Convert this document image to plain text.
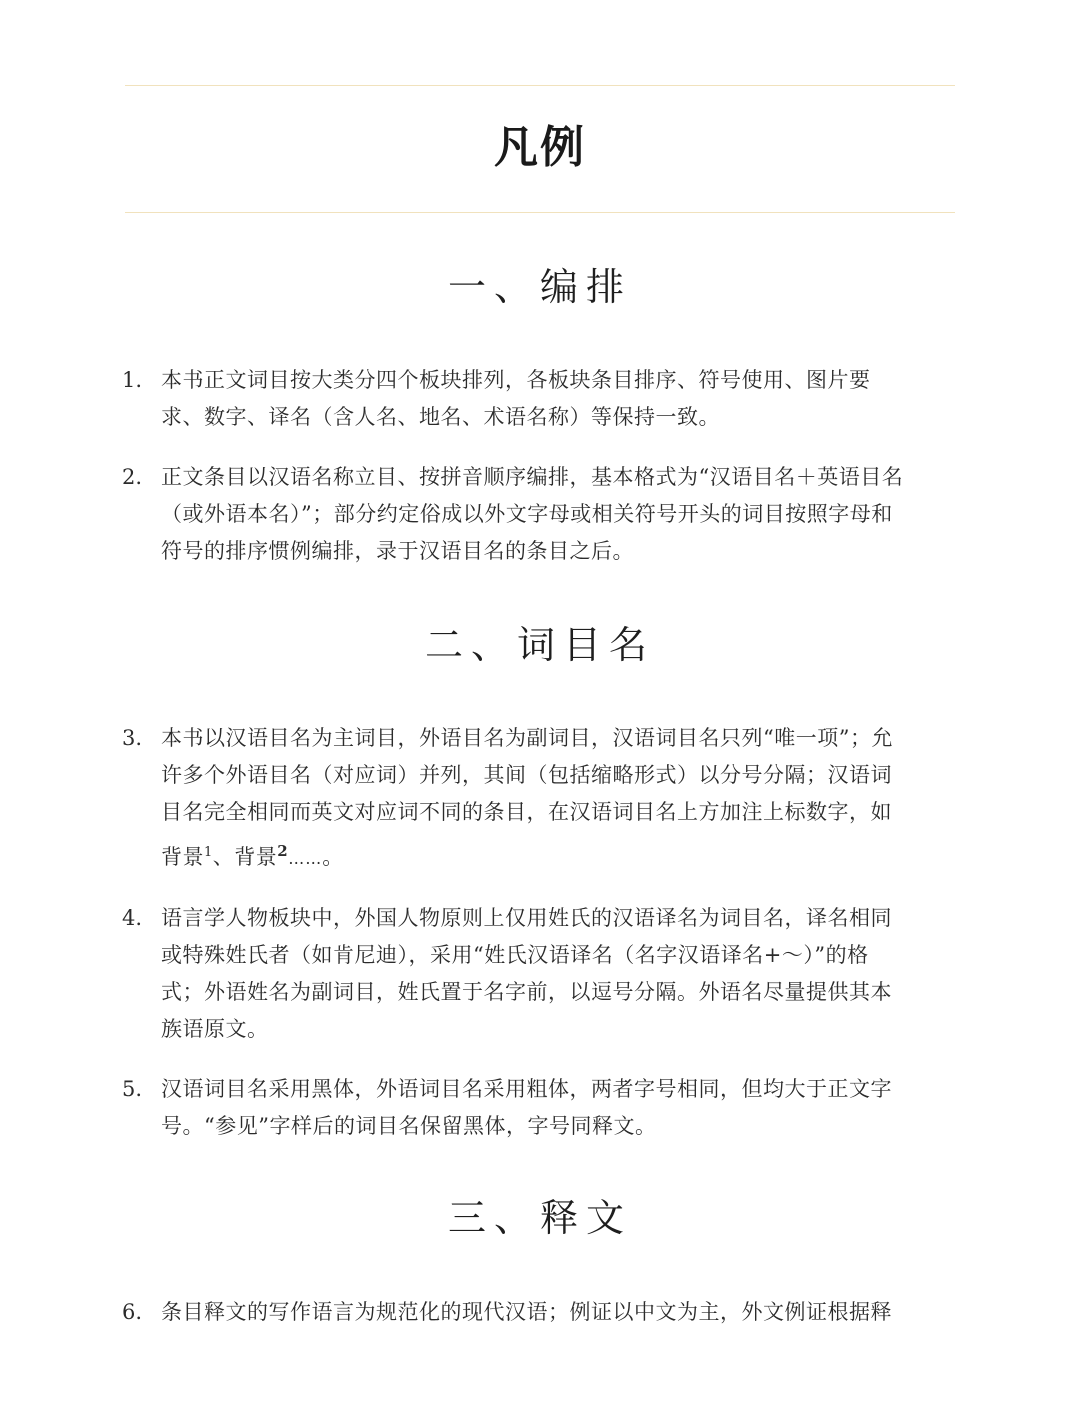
凡例
一、编排
1. 本书正文词目按大类分四个板块排列，各板块条目排序、符号使用、图片要
求、数字、译名（含人名、地名、术语名称）等保持一致。
2. 正文条目以汉语名称立目、按拼音顺序编排，基本格式为“汉语目名＋英语目名
（或外语本名）”；部分约定俗成以外文字母或相关符号开头的词目按照字母和
符号的排序惯例编排，录于汉语目名的条目之后。
二、词目名
3. 本书以汉语目名为主词目，外语目名为副词目，汉语词目名只列“唯一项”；允
许多个外语目名（对应词）并列，其间（包括缩略形式）以分号分隔；汉语词
目名完全相同而英文对应词不同的条目，在汉语词目名上方加注上标数字，如
背景$^1$、背景$^2$……。
4. 语言学人物板块中，外国人物原则上仅用姓氏的汉语译名为词目名，译名相同
或特殊姓氏者（如肯尼迪），采用“姓氏汉语译名（名字汉语译名+～）”的格
式；外语姓名为副词目，姓氏置于名字前，以逗号分隔。外语名尽量提供其本
族语原文。
5. 汉语词目名采用黑体，外语词目名采用粗体，两者字号相同，但均大于正文字
号。“参见”字样后的词目名保留黑体，字号同释文。
三、释文
6. 条目释文的写作语言为规范化的现代汉语；例证以中文为主，外文例证根据释
